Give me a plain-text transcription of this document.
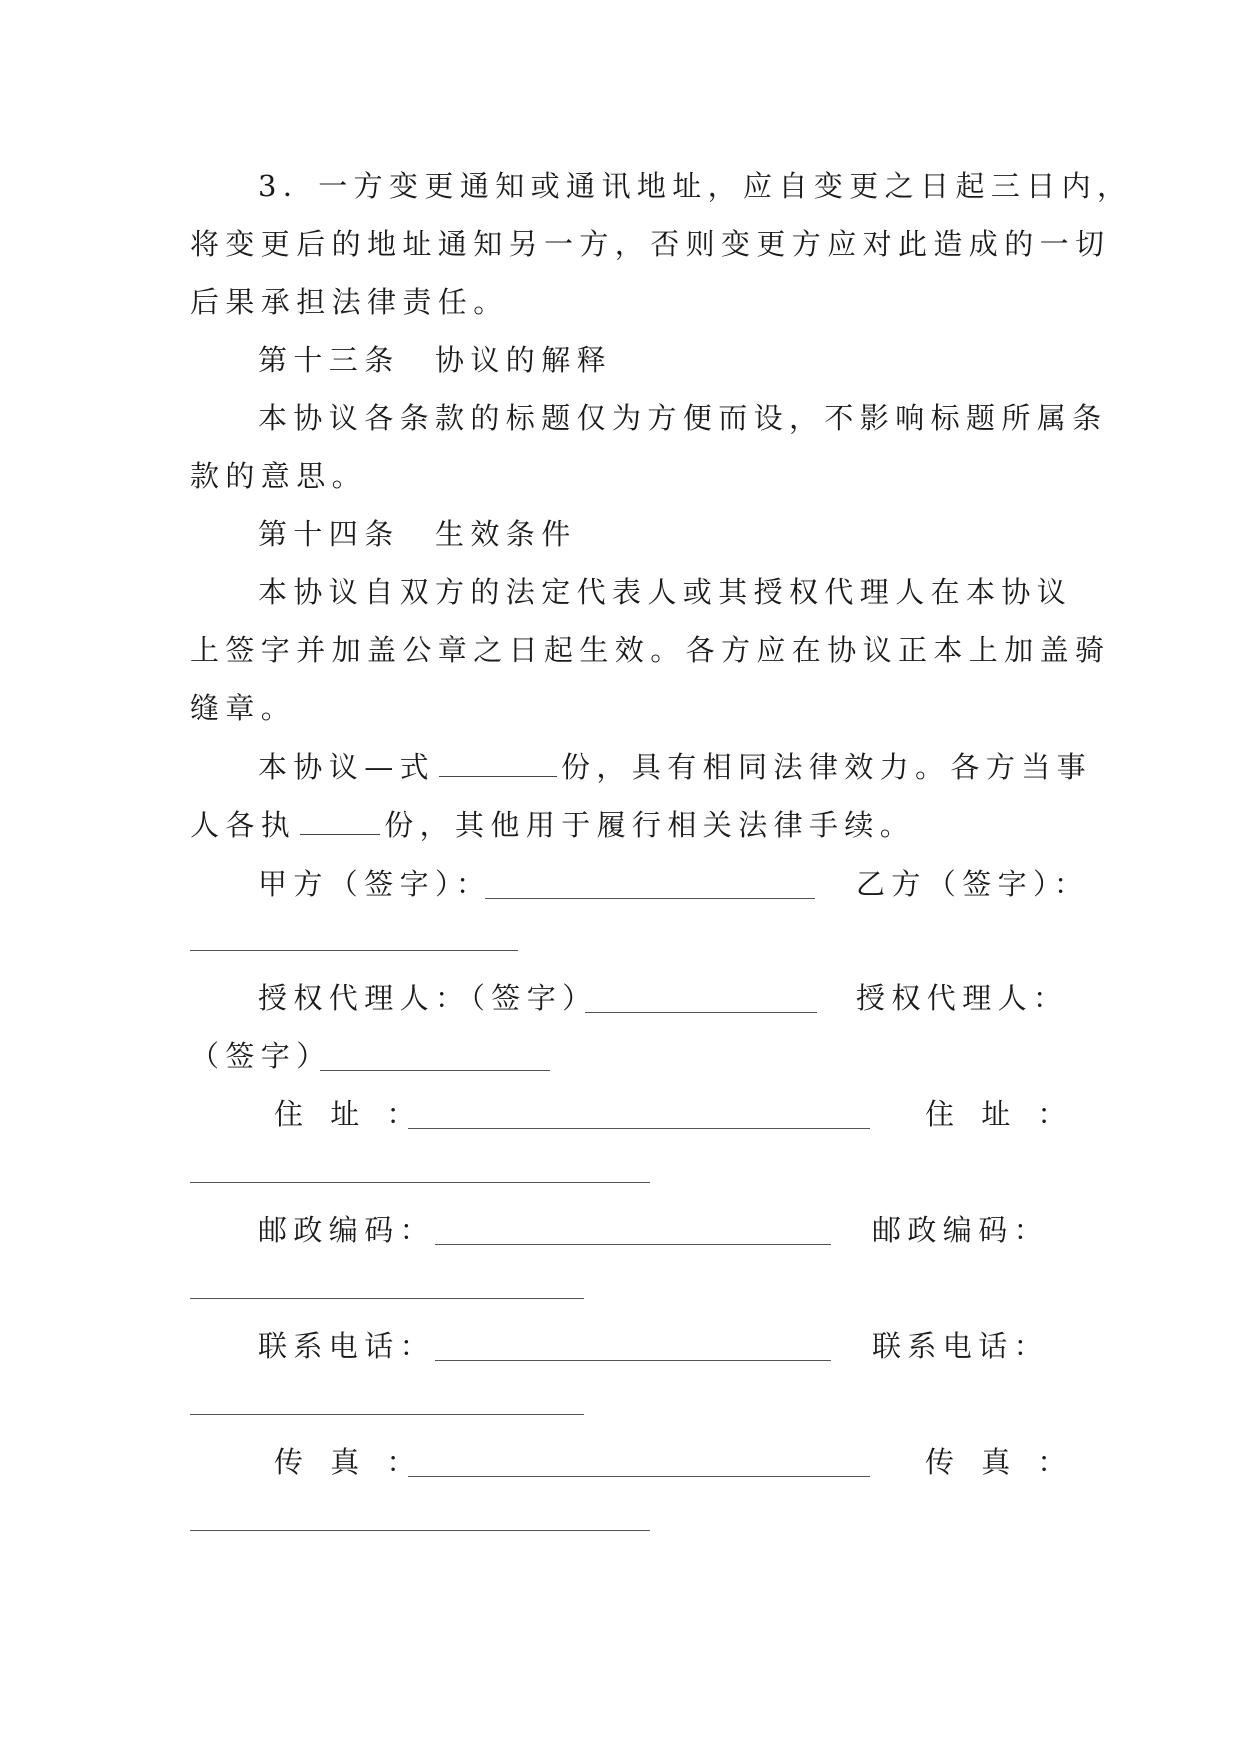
3．一方变更通知或通讯地址，应自变更之日起三日内，
将变更后的地址通知另一方，否则变更方应对此造成的一切
后果承担法律责任。
第十三条　协议的解释
本协议各条款的标题仅为方便而设，不影响标题所属条
款的意思。
第十四条　生效条件
本协议自双方的法定代表人或其授权代理人在本协议
上签字并加盖公章之日起生效。各方应在协议正本上加盖骑
缝章。
本协议—式	份，具有相同法律效力。各方当事
人各执	份，其他用于履行相关法律手续。
甲方（签字）：	乙方（签字）：
授权代理人：（签字）	授权代理人：
（签字）
住 址 ：	住 址 ：
邮政编码：	邮政编码：
联系电话：	联系电话：
传 真 ：	传 真 ：
